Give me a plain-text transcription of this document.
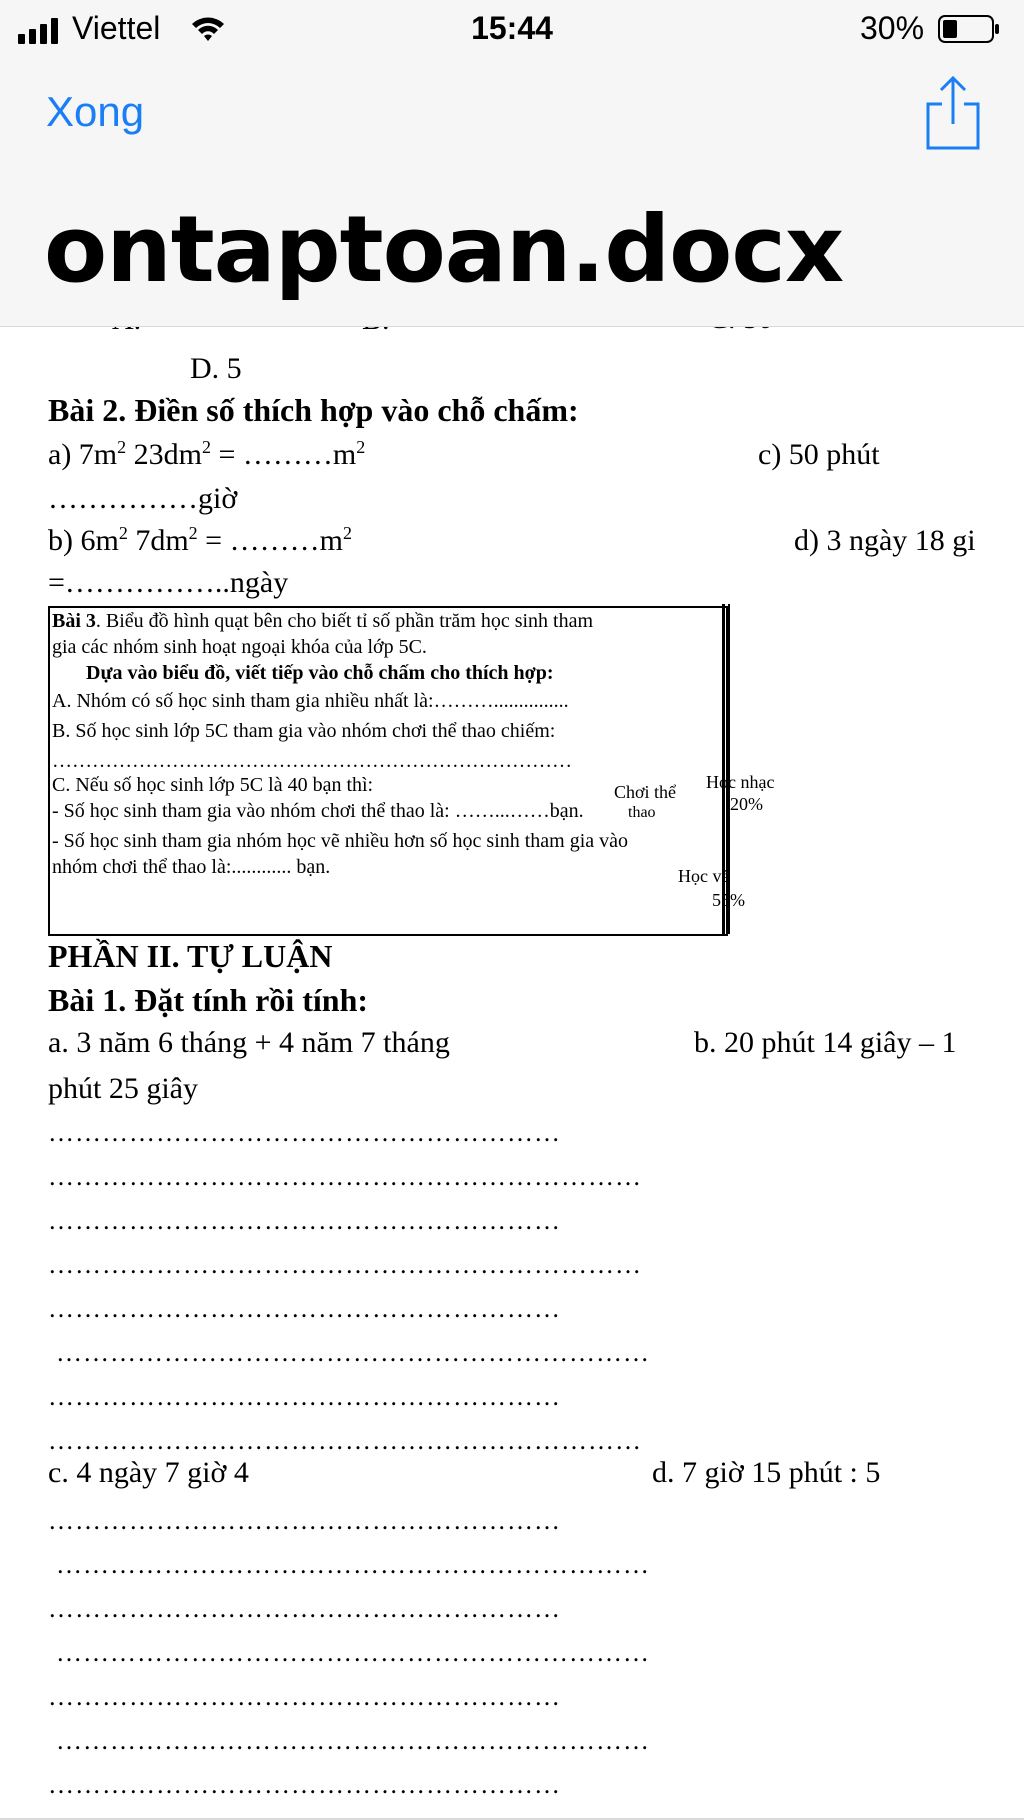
D. 5
Bài 2. Điền số thích hợp vào chỗ chấm:
a) $7m^2$ $23dm^2$ = $\dots\dots\dots m^2$	c) 50 phút
……………giờ
b) $6m^2$ $7dm^2$ = $\dots\dots\dots m^2$	d) 3 ngày 18 gi
=……………..ngày
Bài 3. Biểu đồ hình quạt bên cho biết tỉ số phần trăm học sinh tham
gia các nhóm sinh hoạt ngoại khóa của lớp 5C.
Dựa vào biểu đồ, viết tiếp vào chỗ chấm cho thích hợp:
A. Nhóm có số học sinh tham gia nhiều nhất là:………...............
B. Số học sinh lớp 5C tham gia vào nhóm chơi thể thao chiếm:
……………………………………………………………………
C. Nếu số học sinh lớp 5C là 40 bạn thì:
- Số học sinh tham gia vào nhóm chơi thể thao là: ……...……bạn.
- Số học sinh tham gia nhóm học vẽ nhiều hơn số học sinh tham gia vào
nhóm chơi thể thao là:............ bạn.
Chơi thể
thao
Học nhạc
20%
Học vẽ
55%
PHẦN II. TỰ LUẬN
Bài 1. Đặt tính rồi tính:
a. 3 năm 6 tháng + 4 năm 7 tháng	b. 20 phút 14 giây – 1
phút 25 giây
…………………………………………………
…………………………………………………………
…………………………………………………
…………………………………………………………
…………………………………………………
…………………………………………………………
…………………………………………………
…………………………………………………………
c. 4 ngày 7 giờ 4	d. 7 giờ 15 phút : 5
…………………………………………………
…………………………………………………………
…………………………………………………
…………………………………………………………
…………………………………………………
…………………………………………………………
…………………………………………………
Viettel	15:44	30%
Xong
ontaptoan.docx
